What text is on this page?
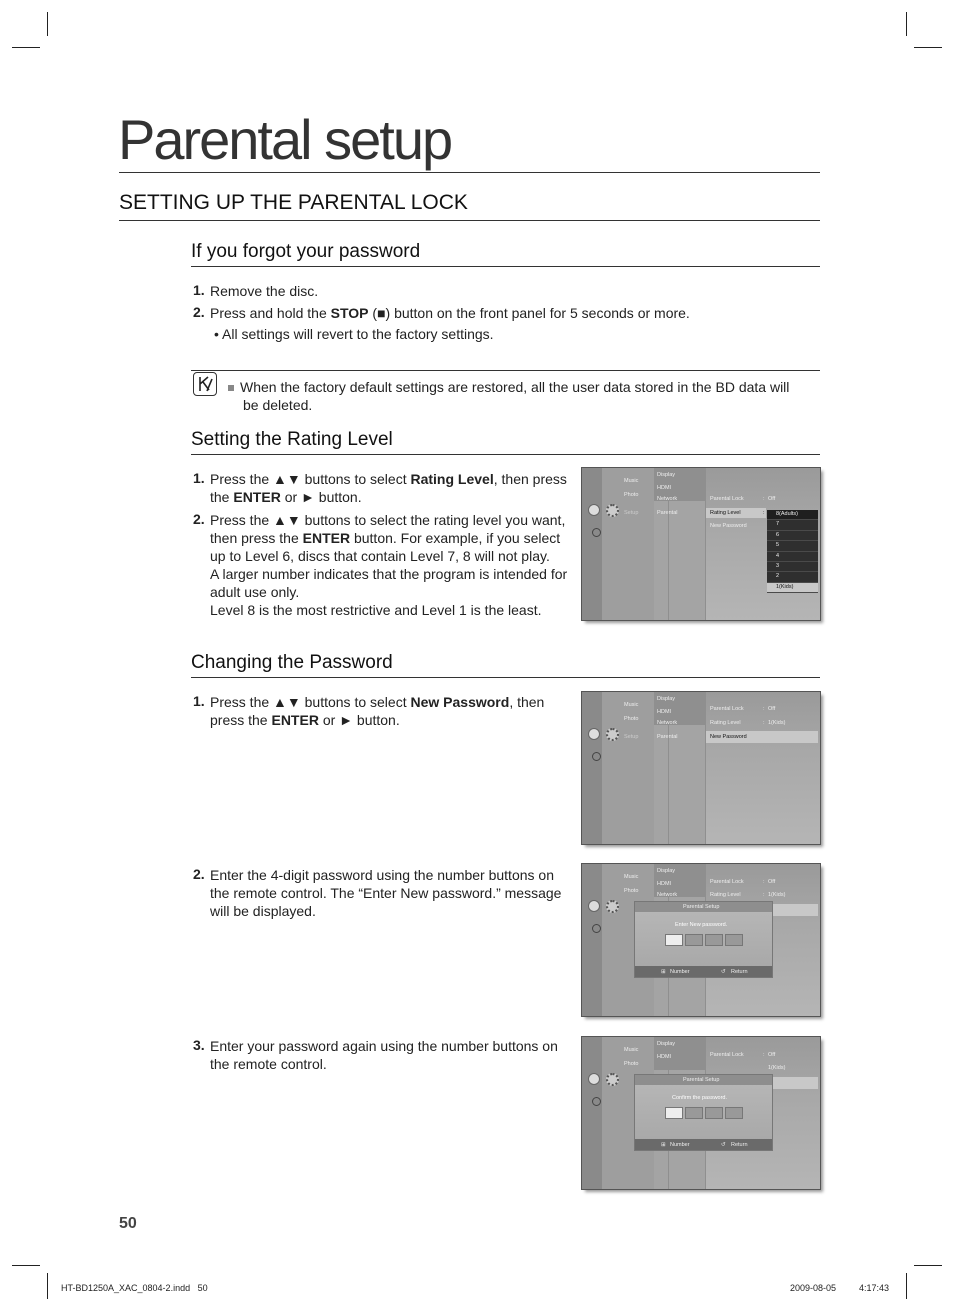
Parental setup
SETTING UP THE PARENTAL LOCK
If you forgot your password
1. Remove the disc.
2. Press and hold the STOP (■) button on the front panel for 5 seconds or more.
• All settings will revert to the factory settings.
When the factory default settings are restored, all the user data stored in the BD data will
be deleted.
Setting the Rating Level
1. Press the ▲▼ buttons to select Rating Level, then press
the ENTER or ► button.
2. Press the ▲▼ buttons to select the rating level you want,
then press the ENTER button. For example, if you select
up to Level 6, discs that contain Level 7, 8 will not play.
A larger number indicates that the program is intended for
adult use only.
Level 8 is the most restrictive and Level 1 is the least.
Music
Photo
Setup
Display
HDMI
Network
Parental
Parental Lock	: Off
Rating Level	:
New Password
8(Adults)
7
6
5
4
3
2
1(Kids)
Changing the Password
1. Press the ▲▼ buttons to select New Password, then
press the ENTER or ► button.
Music
Photo
Setup
Display
HDMI
Network
Parental
Parental Lock	: Off
Rating Level	: 1(Kids)
New Password
2. Enter the 4-digit password using the number buttons on
the remote control. The “Enter New password.” message
will be displayed.
Music
Photo
Display
HDMI
Network
Parental Lock	: Off
Rating Level	: 1(Kids)
Parental Setup
Enter New password.
⊞ Number	↺ Return
3. Enter your password again using the number buttons on
the remote control.
Music
Photo
Display
HDMI	Parental Lock	: Off
1(Kids)
Parental Setup
Confirm the password.
⊞ Number	↺ Return
50
HT-BD1250A_XAC_0804-2.indd   50	2009-08-05	4:17:43
